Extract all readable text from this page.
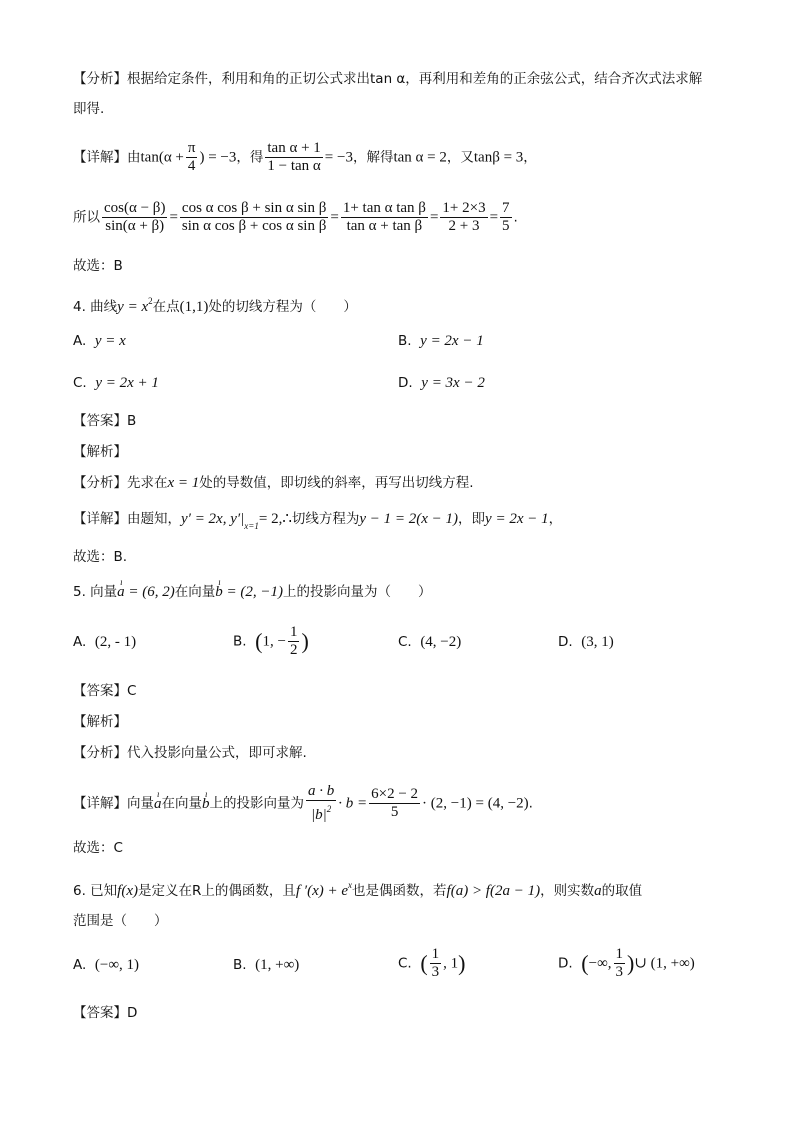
【分析】根据给定条件，利用和角的正切公式求出tan α，再利用和差角的正余弦公式，结合齐次式法求解
即得.
【详解】由$\tan(\alpha + \frac{\pi}{4}$ ) = −3，得 $\frac{\text{tan α + 1}}{\text{1 − tan α}} = -3$，解得tan α = 2，又tanβ = 3，
所以 $\frac{\cos(\alpha - \beta)}{\sin(\alpha + \beta)} = \frac{\text{cos α cos β + sin α sin β}}{\text{sin α cos β + cos α sin β}} = \frac{\text{1+ tan α tan β}}{\text{tan α + tan β}} = \frac{1+ 2\times 3}{2 + 3} = \frac{7}{5}$ .
故选：B
4. 曲线$y = x^2$在点(1,1)处的切线方程为（　　）
A. y = x	B. y = 2x − 1
C. y = 2x + 1	D. y = 3x − 2
【答案】B
【解析】
【分析】先求在x = 1处的导数值，即切线的斜率，再写出切线方程.
【详解】由题知，y′ = 2x, $y'|_{x=1}=$ 2,∴切线方程为y − 1 = 2(x − 1)，即y = 2x − 1，
故选：B.
5. 向量ı a = (6, 2)在向量ı b = (2, −1)上的投影向量为（　　）
A. (2, - 1)	B. (1, − $\frac{1}{2}$ )	C. (4, −2)	D. (3, 1)
【答案】C
【解析】
【分析】代入投影向量公式，即可求解.
【详解】向量ı a在向量ı b上的投影向量为 $\frac{a \cdot b}{|b|^2} \cdot b = \frac{6\times 2 - 2}{5} \cdot (2$, −1) = (4, −2).
故选：C
6. 已知f(x)是定义在R上的偶函数，且f $'(x) + e^x$也是偶函数，若f(a) > f(2a − 1)，则实数a的取值
范围是（　　）
A. (−∞, 1)	B. (1, +∞)	C. ( $\frac{1}{3}$ , 1)	D. (−∞, $\frac{1}{3}$ )∪ (1, +∞)
【答案】D
